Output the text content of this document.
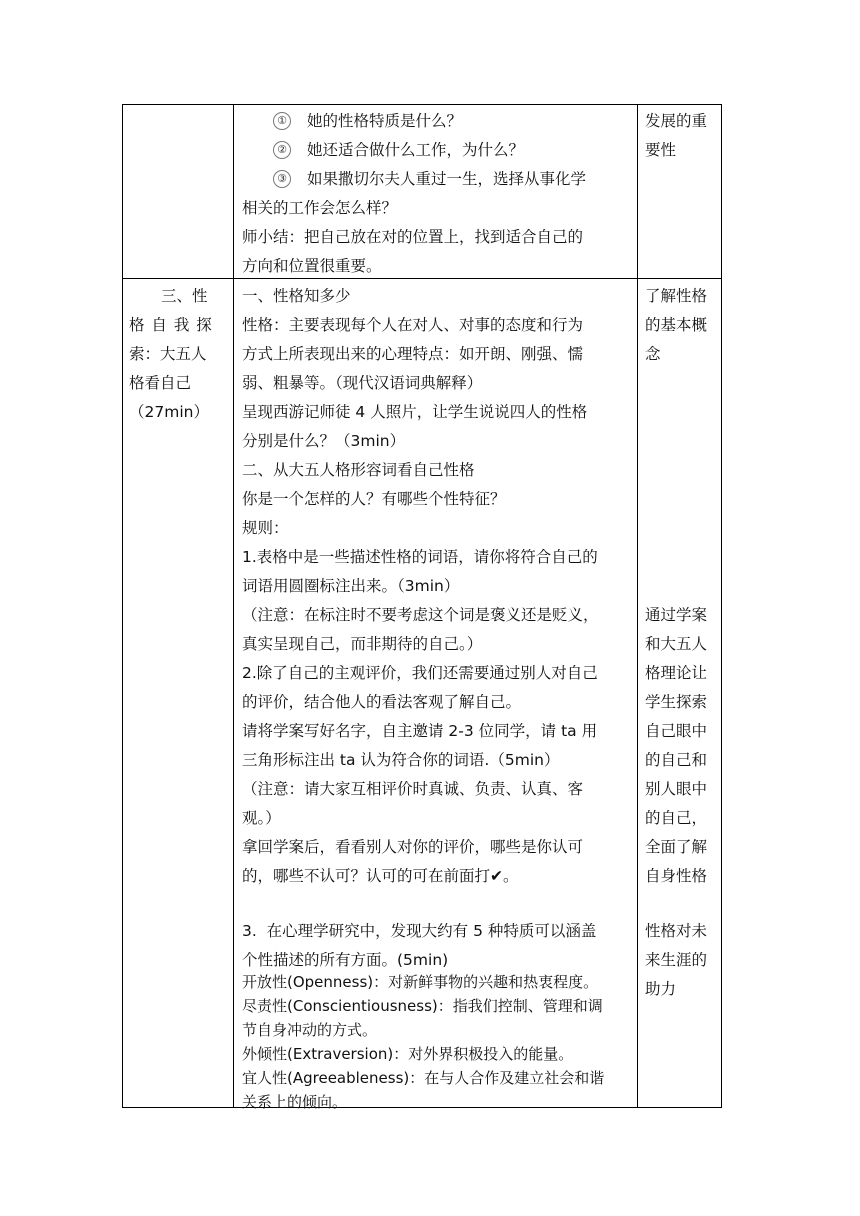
① 她的性格特质是什么？
② 她还适合做什么工作，为什么？
③ 如果撒切尔夫人重过一生，选择从事化学
相关的工作会怎么样？
师小结：把自己放在对的位置上，找到适合自己的
方向和位置很重要。
发展的重
要性
三、性
格 自 我 探
索：大五人
格看自己
（27min）
一、性格知多少
性格：主要表现每个人在对人、对事的态度和行为
方式上所表现出来的心理特点：如开朗、刚强、懦
弱、粗暴等。（现代汉语词典解释）
呈现西游记师徒 4 人照片，让学生说说四人的性格
分别是什么？（3min）
二、从大五人格形容词看自己性格
你是一个怎样的人？有哪些个性特征？
规则：
1.表格中是一些描述性格的词语，请你将符合自己的
词语用圆圈标注出来。（3min）
（注意：在标注时不要考虑这个词是褒义还是贬义，
真实呈现自己，而非期待的自己。）
2.除了自己的主观评价，我们还需要通过别人对自己
的评价，结合他人的看法客观了解自己。
请将学案写好名字，自主邀请 2-3 位同学，请 ta 用
三角形标注出 ta 认为符合你的词语.（5min）
（注意：请大家互相评价时真诚、负责、认真、客
观。）
拿回学案后，看看别人对你的评价，哪些是你认可
的，哪些不认可？认可的可在前面打✔。
3.  在心理学研究中，发现大约有 5 种特质可以涵盖
个性描述的所有方面。(5min)
开放性(Openness)：对新鲜事物的兴趣和热衷程度。
尽责性(Conscientiousness)：指我们控制、管理和调
节自身冲动的方式。
外倾性(Extraversion)：对外界积极投入的能量。
宜人性(Agreeableness)：在与人合作及建立社会和谐
关系上的倾向。
了解性格
的基本概
念
通过学案
和大五人
格理论让
学生探索
自己眼中
的自己和
别人眼中
的自己，
全面了解
自身性格
性格对未
来生涯的
助力
